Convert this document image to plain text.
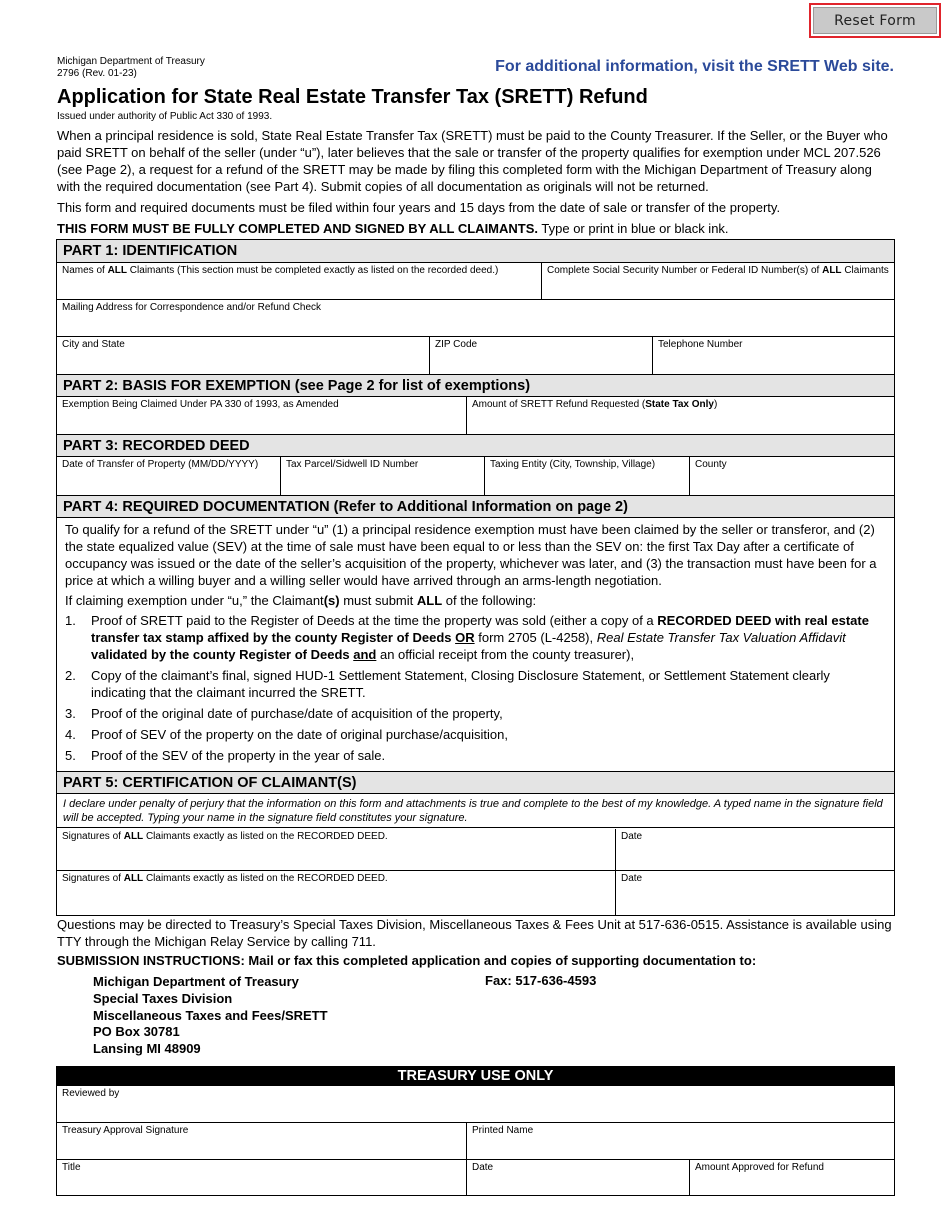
Reset Form
Michigan Department of Treasury
2796 (Rev. 01-23)	For additional information, visit the SRETT Web site.
Application for State Real Estate Transfer Tax (SRETT) Refund
Issued under authority of Public Act 330 of 1993.
When a principal residence is sold, State Real Estate Transfer Tax (SRETT) must be paid to the County Treasurer. If the Seller, or the Buyer who paid SRETT on behalf of the seller (under “u”), later believes that the sale or transfer of the property qualifies for exemption under MCL 207.526 (see Page 2), a request for a refund of the SRETT may be made by filing this completed form with the Michigan Department of Treasury along with the required documentation (see Part 4). Submit copies of all documentation as originals will not be returned.
This form and required documents must be filed within four years and 15 days from the date of sale or transfer of the property.
THIS FORM MUST BE FULLY COMPLETED AND SIGNED BY ALL CLAIMANTS. Type or print in blue or black ink.
PART 1: IDENTIFICATION
Names of ALL Claimants (This section must be completed exactly as listed on the recorded deed.)	Complete Social Security Number or Federal ID Number(s) of ALL Claimants
Mailing Address for Correspondence and/or Refund Check
City and State	ZIP Code	Telephone Number
PART 2: BASIS FOR EXEMPTION (see Page 2 for list of exemptions)
Exemption Being Claimed Under PA 330 of 1993, as Amended	Amount of SRETT Refund Requested (State Tax Only)
PART 3: RECORDED DEED
Date of Transfer of Property (MM/DD/YYYY)	Tax Parcel/Sidwell ID Number	Taxing Entity (City, Township, Village)	County
PART 4: REQUIRED DOCUMENTATION (Refer to Additional Information on page 2)
To qualify for a refund of the SRETT under “u” (1) a principal residence exemption must have been claimed by the seller or transferor, and (2) the state equalized value (SEV) at the time of sale must have been equal to or less than the SEV on: the first Tax Day after a certificate of occupancy was issued or the date of the seller’s acquisition of the property, whichever was later, and (3) the transaction must have been for a price at which a willing buyer and a willing seller would have arrived through an arms-length negotiation.
If claiming exemption under “u,” the Claimant(s) must submit ALL of the following:
1. Proof of SRETT paid to the Register of Deeds at the time the property was sold (either a copy of a RECORDED DEED with real estate transfer tax stamp affixed by the county Register of Deeds OR form 2705 (L-4258), Real Estate Transfer Tax Valuation Affidavit validated by the county Register of Deeds and an official receipt from the county treasurer),
2. Copy of the claimant’s final, signed HUD-1 Settlement Statement, Closing Disclosure Statement, or Settlement Statement clearly indicating that the claimant incurred the SRETT.
3. Proof of the original date of purchase/date of acquisition of the property,
4. Proof of SEV of the property on the date of original purchase/acquisition,
5. Proof of the SEV of the property in the year of sale.
PART 5: CERTIFICATION OF CLAIMANT(S)
I declare under penalty of perjury that the information on this form and attachments is true and complete to the best of my knowledge. A typed name in the signature field will be accepted. Typing your name in the signature field constitutes your signature.
Signatures of ALL Claimants exactly as listed on the RECORDED DEED.	Date
Signatures of ALL Claimants exactly as listed on the RECORDED DEED.	Date
Questions may be directed to Treasury’s Special Taxes Division, Miscellaneous Taxes & Fees Unit at 517-636-0515. Assistance is available using TTY through the Michigan Relay Service by calling 711.
SUBMISSION INSTRUCTIONS: Mail or fax this completed application and copies of supporting documentation to:
Michigan Department of Treasury
Special Taxes Division
Miscellaneous Taxes and Fees/SRETT
PO Box 30781
Lansing MI 48909
Fax: 517-636-4593
TREASURY USE ONLY
Reviewed by
Treasury Approval Signature	Printed Name
Title	Date	Amount Approved for Refund
